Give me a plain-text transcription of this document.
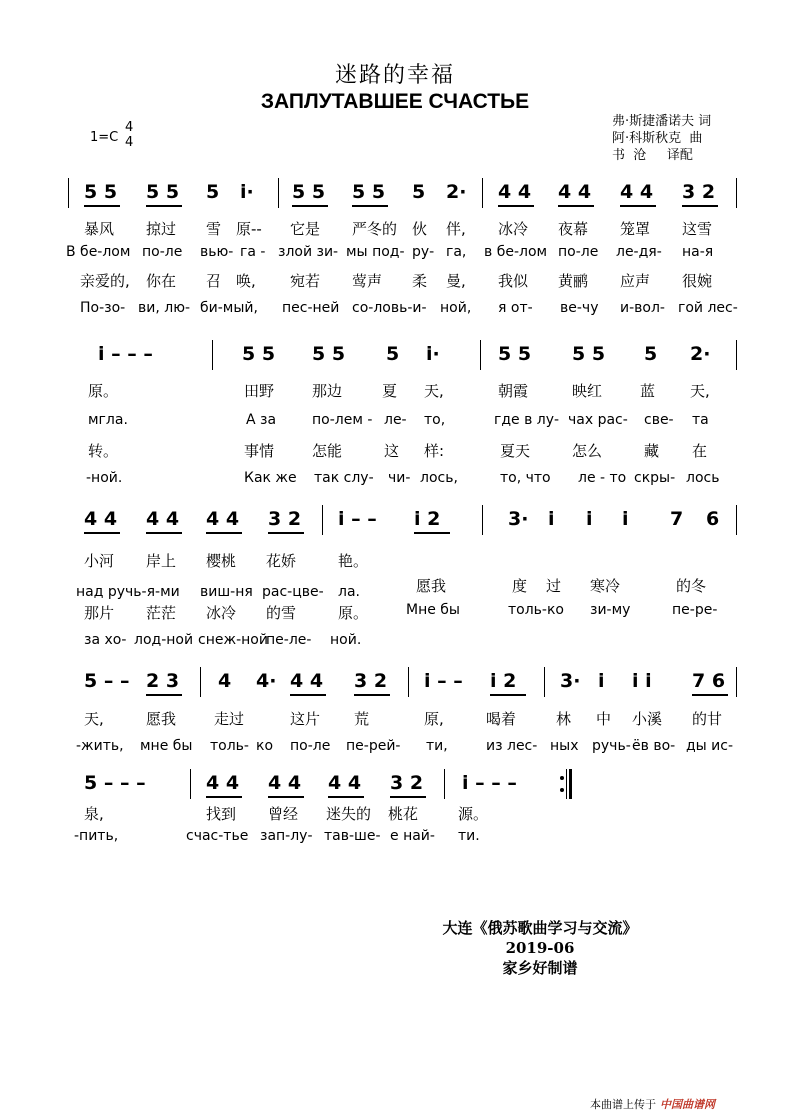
迷路的幸福
ЗАПЛУТАВШЕЕ СЧАСТЬЕ
1=C
4
4
弗·斯捷潘诺夫 词
阿·科斯秋克  曲
书  沧     译配
5 5 5 5 5 i· 5 5 5 5 5 2· 4 4 4 4 4 4 3 2
暴风 掠过 雪 原-- 它是 严冬的 伙 伴, 冰冷 夜幕 笼罩 这雪
В бе-лом по-ле вью- га - злой зи- мы под- ру- га, в бе-лом по-ле ле-дя- на-я
亲爱的, 你在 召 唤, 宛若 莺声 柔 曼, 我似 黄鹂 应声 很婉
По-зо- ви, лю- би-мый, пес-ней со-ловь-и- ной, я от- ве-чу и-вол- гой лес-
i – – –	5 5 5 5 5 i·	5 5 5 5 5 2·
原。	田野	那边	夏 天,	朝霞	映红	蓝 天,
мгла.	А за	по-лем - ле- то,	где в лу- чах рас- све- та
转。	事情	怎能	这 样:	夏天	怎么	藏 在
-ной.	Как же так слу- чи- лось,	то, что ле - то скры- лось
4 4 4 4 4 4 3 2 i – – i 2	3· i i i 7 6
小河 岸上 樱桃 花娇	艳。
над ручь-я-ми виш-ня рас-цве- ла.
那片 茫茫 冰冷 的雪	原。
за хо- лод-ной снеж-ной
пе-ле- ной.
愿我	度 过 寒冷	的冬
Мне бы	толь-ко зи-му	пе-ре-
5 – – 2 3 4 4· 4 4 3 2 i – – i 2 3· i i i 7 6
天,	愿我	走过	这片 荒	原,	喝着	林 中 小溪 的甘
-жить, мне бы толь- ко по-ле пе-рей- ти,	из лес- ных ручь- ёв во- ды ис-
5 – – –	4 4 4 4 4 4 3 2 i – – –
泉,	找到 曾经 迷失的 桃花	源。
-пить,	счас-тье зап-лу- тав-ше- е най- ти.
大连《俄苏歌曲学习与交流》
2019-06
家乡好制谱
本曲谱上传于 中国曲谱网
